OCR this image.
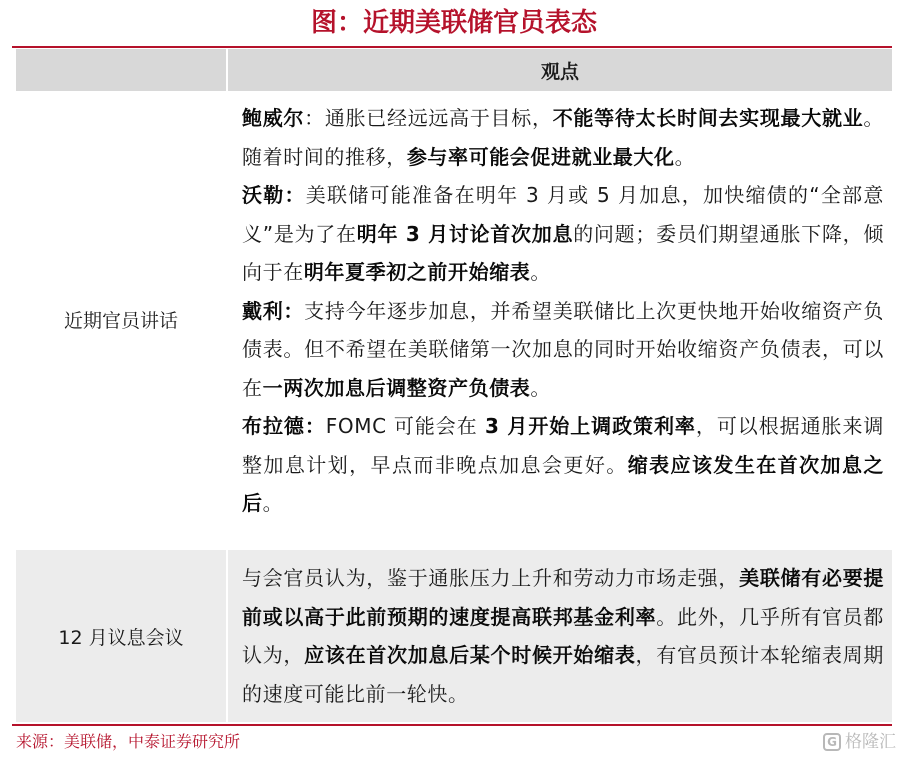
图：近期美联储官员表态
观点
近期官员讲话

鲍威尔：通胀已经远远高于目标，不能等待太长时间去实现最大就业。随着时间的推移，参与率可能会促进就业最大化。

沃勒：美联储可能准备在明年 3 月或 5 月加息，加快缩债的“全部意义”是为了在明年 3 月讨论首次加息的问题；委员们期望通胀下降，倾向于在明年夏季初之前开始缩表。

戴利：支持今年逐步加息，并希望美联储比上次更快地开始收缩资产负债表。但不希望在美联储第一次加息的同时开始收缩资产负债表，可以在一两次加息后调整资产负债表。

布拉德：FOMC 可能会在 3 月开始上调政策利率，可以根据通胀来调整加息计划，早点而非晚点加息会更好。缩表应该发生在首次加息之后。

12 月议息会议

与会官员认为，鉴于通胀压力上升和劳动力市场走强，美联储有必要提前或以高于此前预期的速度提高联邦基金利率。此外，几乎所有官员都认为，应该在首次加息后某个时候开始缩表，有官员预计本轮缩表周期的速度可能比前一轮快。

来源：美联储，中泰证券研究所	G 格隆汇
